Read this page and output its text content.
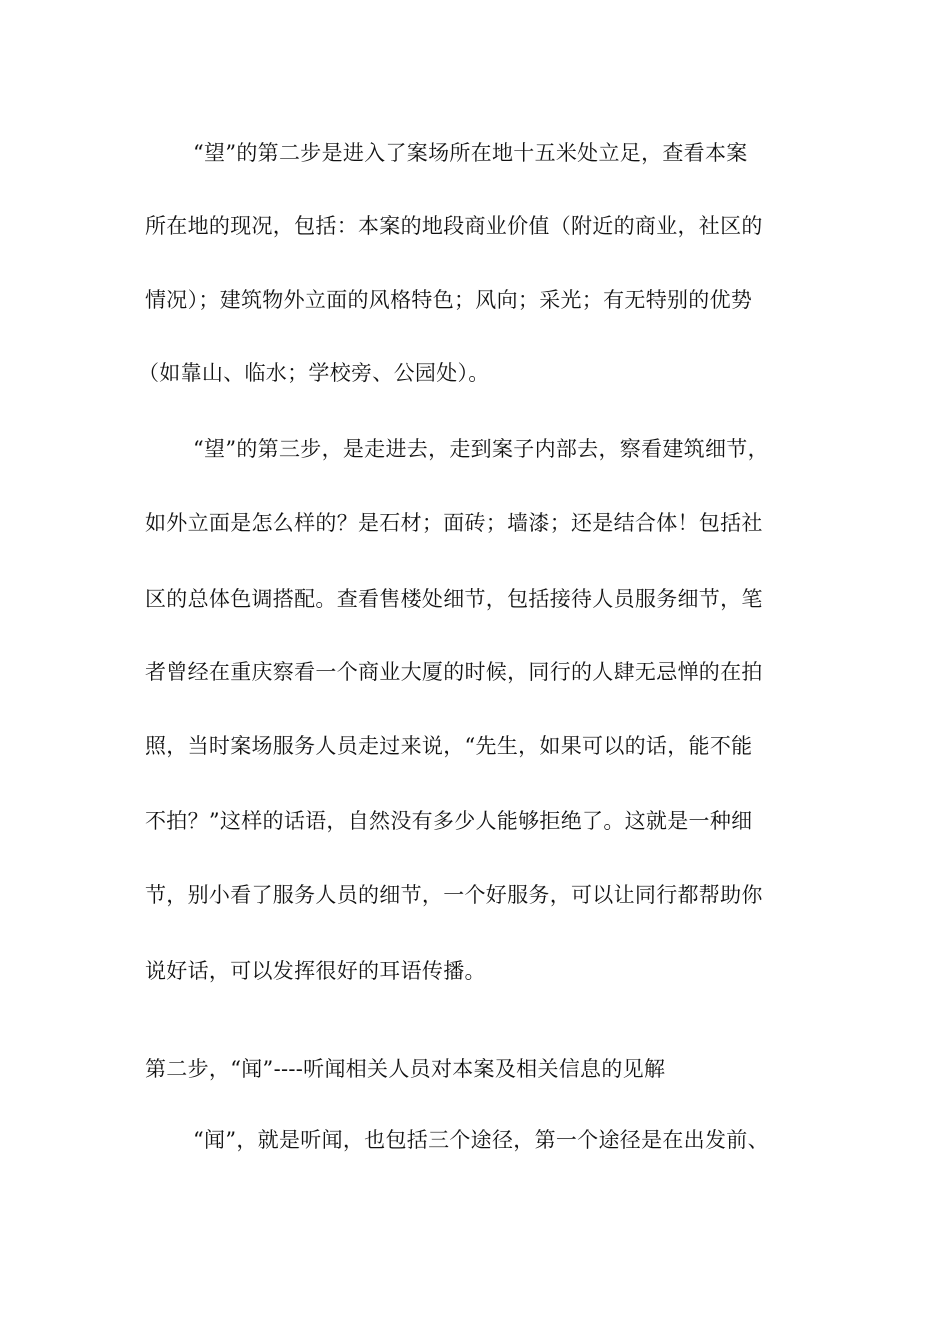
“望”的第二步是进入了案场所在地十五米处立足，查看本案
所在地的现况，包括：本案的地段商业价值（附近的商业，社区的
情况）；建筑物外立面的风格特色；风向；采光；有无特别的优势
（如靠山、临水；学校旁、公园处）。
“望”的第三步，是走进去，走到案子内部去，察看建筑细节，
如外立面是怎么样的？是石材；面砖；墙漆；还是结合体！包括社
区的总体色调搭配。查看售楼处细节，包括接待人员服务细节，笔
者曾经在重庆察看一个商业大厦的时候，同行的人肆无忌惮的在拍
照，当时案场服务人员走过来说，“先生，如果可以的话，能不能
不拍？”这样的话语，自然没有多少人能够拒绝了。这就是一种细
节，别小看了服务人员的细节，一个好服务，可以让同行都帮助你
说好话，可以发挥很好的耳语传播。
第二步，“闻”----听闻相关人员对本案及相关信息的见解
“闻”，就是听闻，也包括三个途径，第一个途径是在出发前、
